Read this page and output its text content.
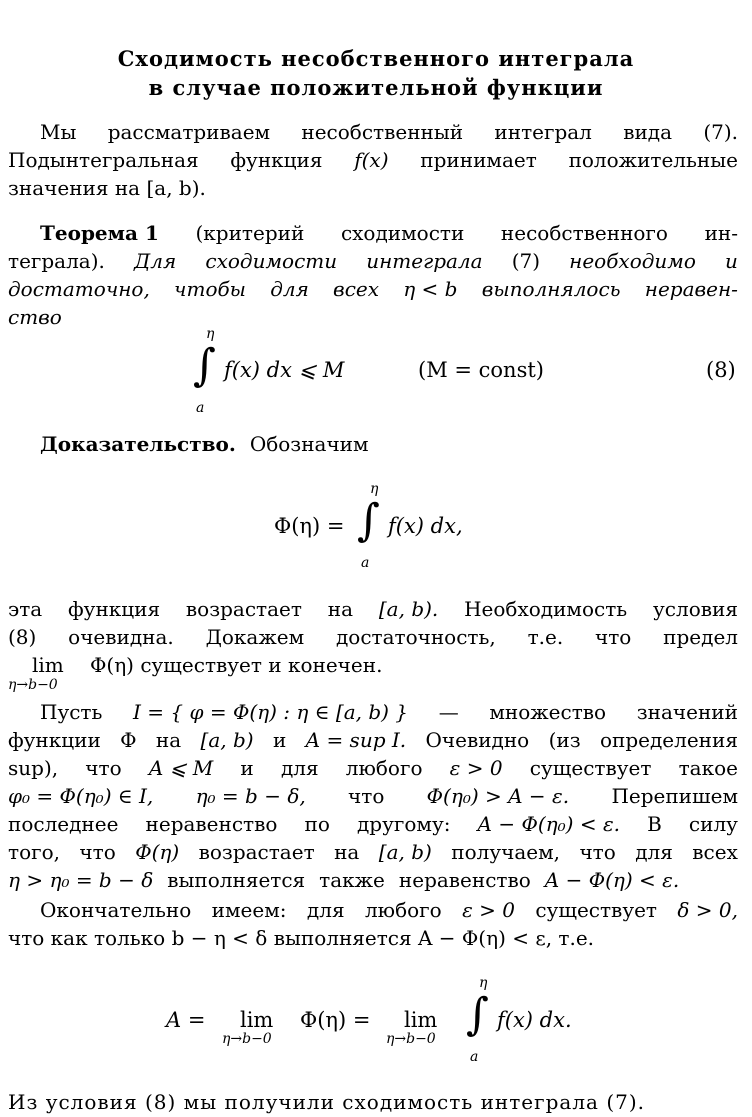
Сходимость несобственного интеграла
в случае положительной функции
Мы рассматриваем несобственный интеграл вида (7).
Подынтегральная функция f(x) принимает положительные
значения на [a, b).
Теорема 1 (критерий сходимости несобственного ин-
теграла). Для сходимости интеграла (7) необходимо и
достаточно, чтобы для всех η < b выполнялось неравен-
ство
η
∫
a
f(x) dx ⩽ M	(M = const)	(8)
Доказательство. Обозначим
Φ(η) =
η
∫
a
f(x) dx,
эта функция возрастает на [a, b). Необходимость условия
(8) очевидна. Докажем достаточность, т.е. что предел
lim
η→b−0
Φ(η) существует и конечен.
Пусть I = { φ = Φ(η) : η ∈ [a, b) } — множество значений
функции Φ на [a, b) и A = sup I. Очевидно (из определения
sup), что A ⩽ M и для любого ε > 0 существует такое
φ₀ = Φ(η₀) ∈ I, η₀ = b − δ, что Φ(η₀) > A − ε. Перепишем
последнее неравенство по другому: A − Φ(η₀) < ε. В силу
того, что Φ(η) возрастает на [a, b) получаем, что для всех
η > η₀ = b − δ выполняется также неравенство A − Φ(η) < ε.
Окончательно имеем: для любого ε > 0 существует δ > 0,
что как только b − η < δ выполняется A − Φ(η) < ε, т.е.
A = lim
η→b−0
Φ(η) = lim
η→b−0
η
∫
a
f(x) dx.
Из условия (8) мы получили сходимость интеграла (7).
